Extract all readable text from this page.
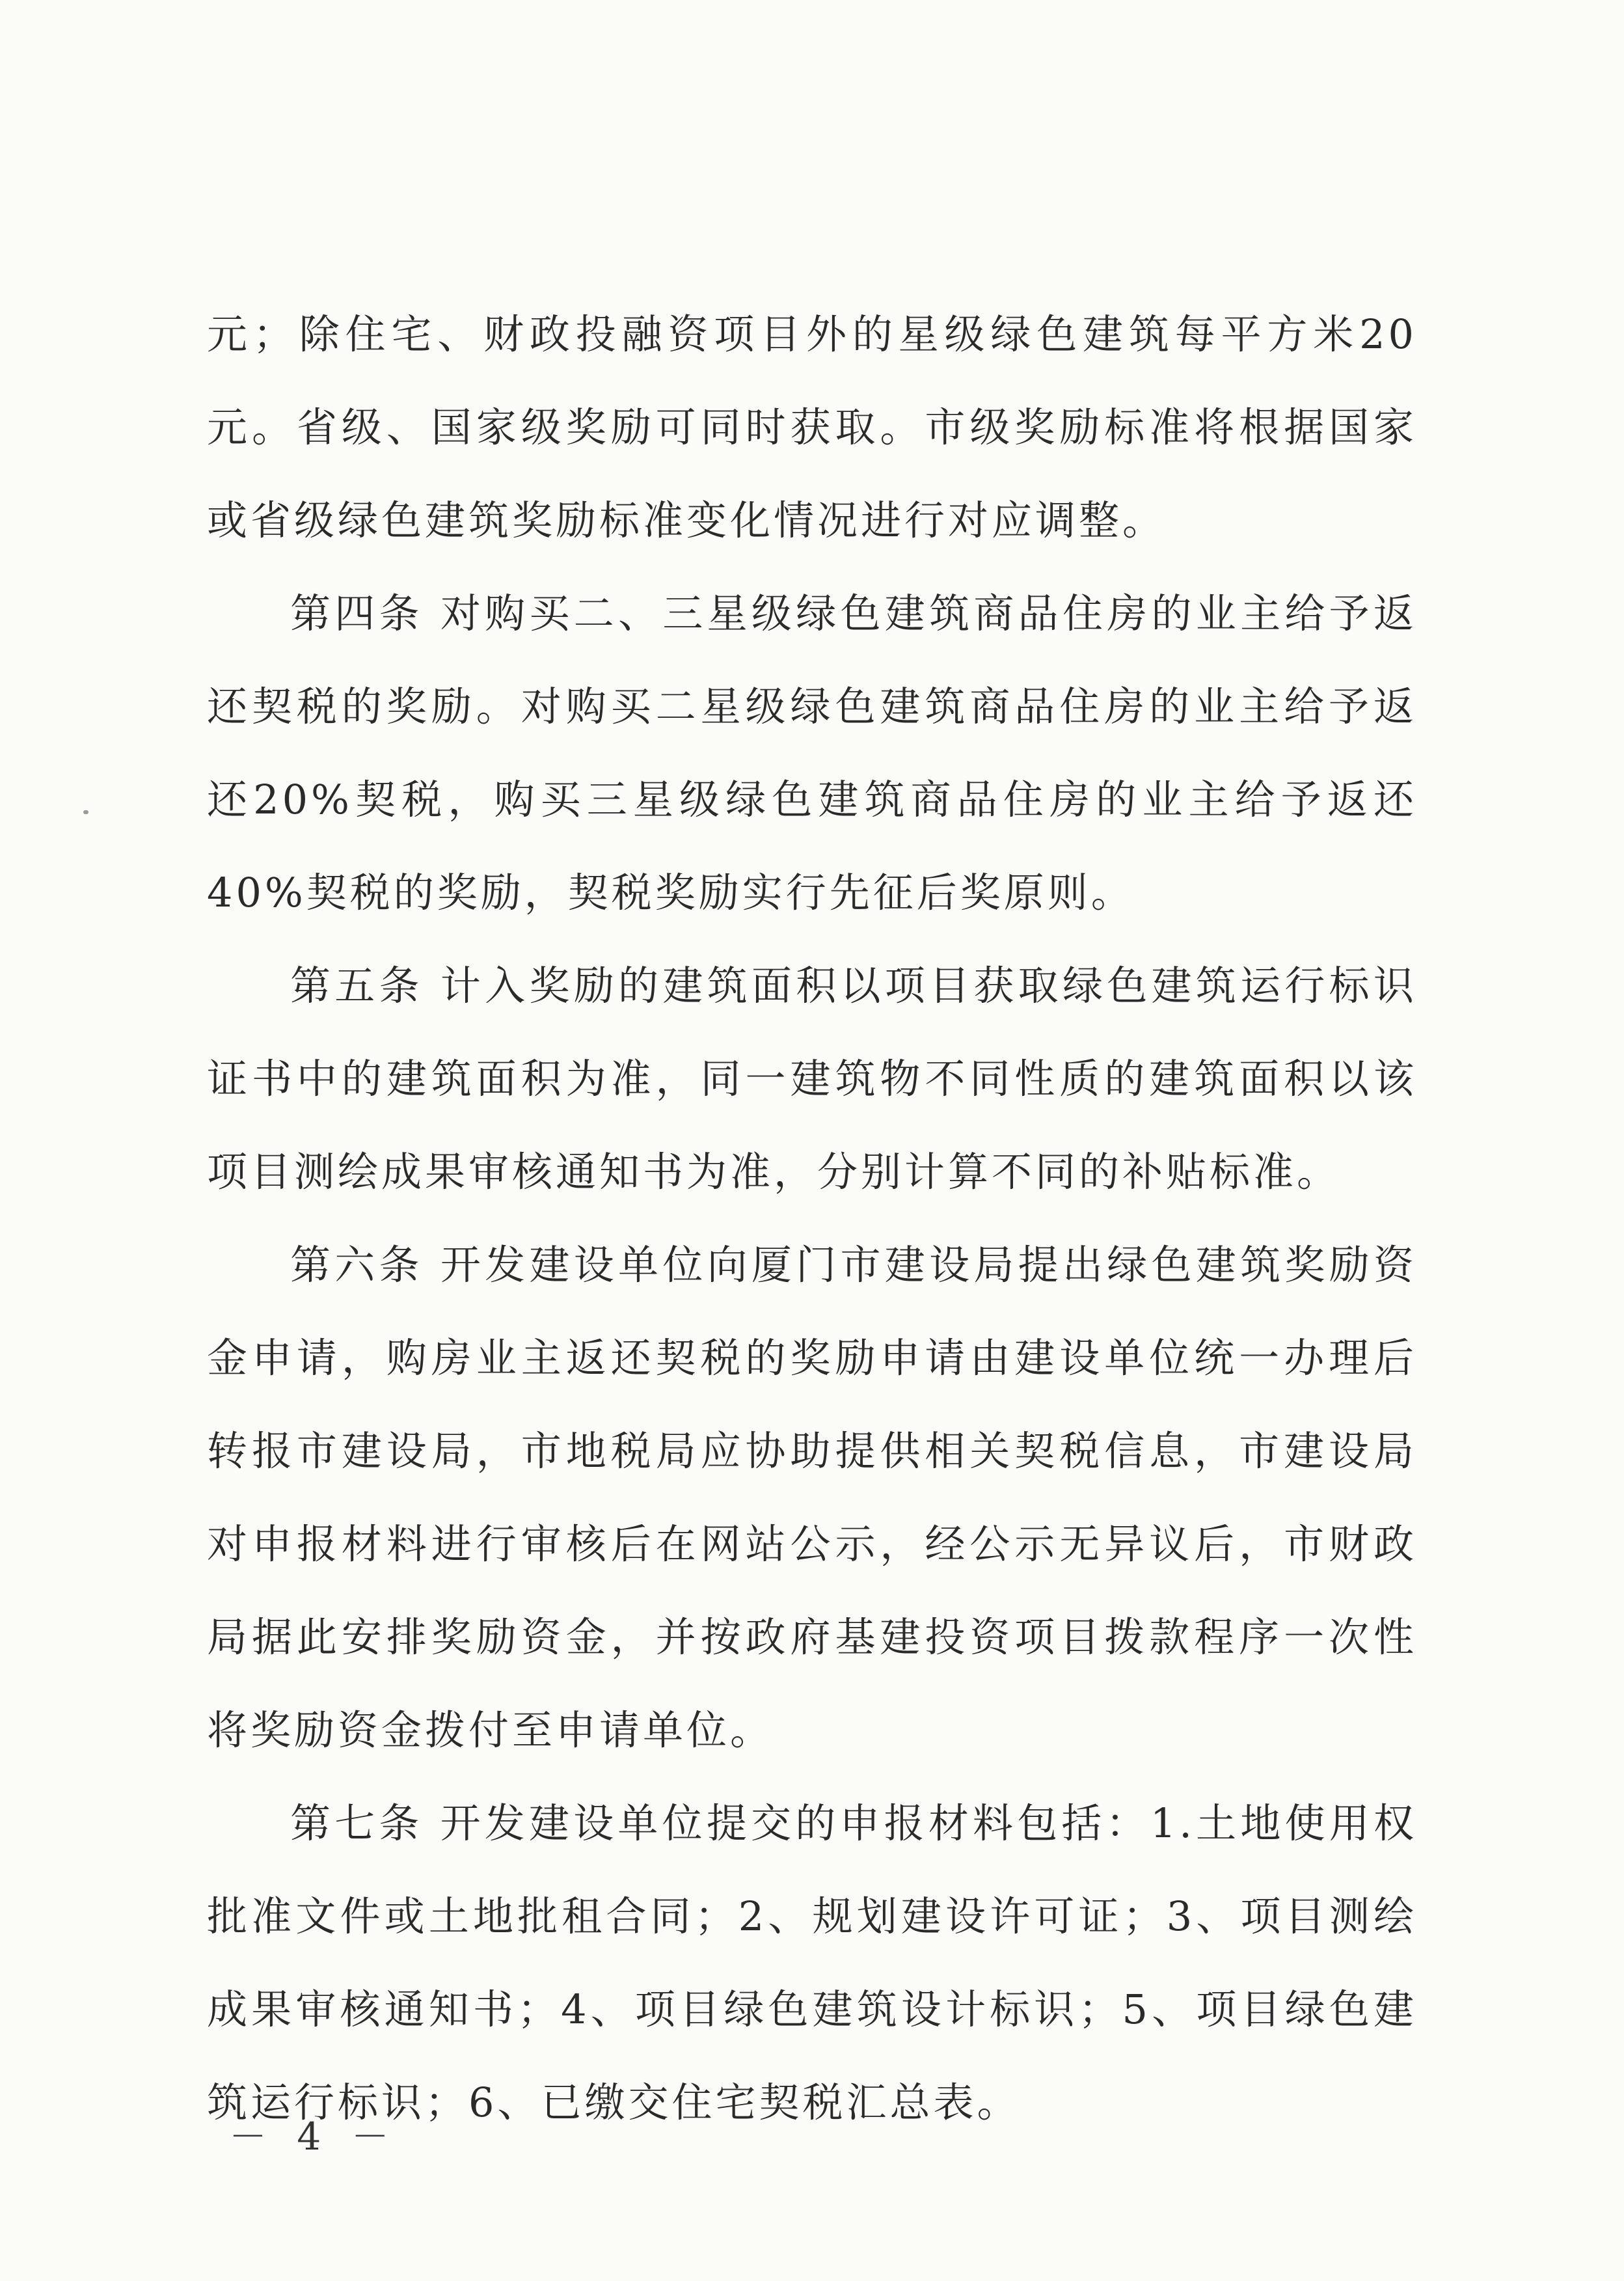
元；除住宅、财政投融资项目外的星级绿色建筑每平方米20元。省级、国家级奖励可同时获取。市级奖励标准将根据国家或省级绿色建筑奖励标准变化情况进行对应调整。

第四条 对购买二、三星级绿色建筑商品住房的业主给予返还契税的奖励。对购买二星级绿色建筑商品住房的业主给予返还20%契税，购买三星级绿色建筑商品住房的业主给予返还40%契税的奖励，契税奖励实行先征后奖原则。

第五条 计入奖励的建筑面积以项目获取绿色建筑运行标识证书中的建筑面积为准，同一建筑物不同性质的建筑面积以该项目测绘成果审核通知书为准，分别计算不同的补贴标准。

第六条 开发建设单位向厦门市建设局提出绿色建筑奖励资金申请，购房业主返还契税的奖励申请由建设单位统一办理后转报市建设局，市地税局应协助提供相关契税信息，市建设局对申报材料进行审核后在网站公示，经公示无异议后，市财政局据此安排奖励资金，并按政府基建投资项目拨款程序一次性将奖励资金拨付至申请单位。

第七条 开发建设单位提交的申报材料包括：1.土地使用权批准文件或土地批租合同；2、规划建设许可证；3、项目测绘成果审核通知书；4、项目绿色建筑设计标识；5、项目绿色建筑运行标识；6、已缴交住宅契税汇总表。

－ 4 －
